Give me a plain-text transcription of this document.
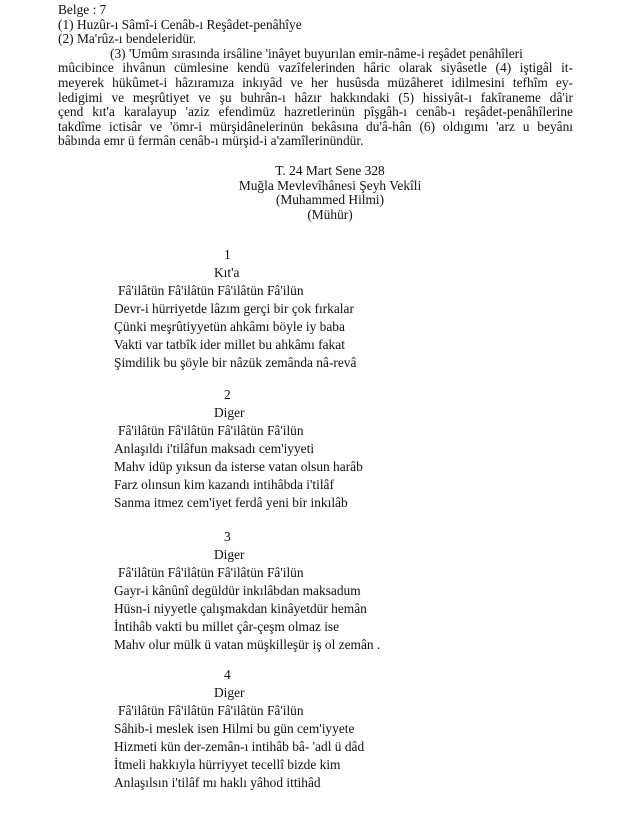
Belge : 7
(1) Huzûr-ı Sâmî-i Cenâb-ı Reşâdet-penâhîye
(2) Ma'rûz-ı bendeleridür.
(3) 'Umûm sırasında irsâline 'inâyet buyurılan emir-nâme-i reşâdet penâhîleri
mûcibince ihvânun cümlesine kendü vazîfelerinden hâric olarak siyâsetle (4) iştigâl it-
meyerek hükûmet-i hâzıramıza inkıyâd ve her husûsda müzâheret idilmesini tefhîm ey-
ledigimi ve meşrûtiyet ve şu buhrân-ı hâzır hakkındaki (5) hissiyât-ı fakîraneme dâ'ir
çend kıt'a karalayup 'aziz efendimüz hazretlerinün pîşgâh-ı cenâb-ı reşâdet-penâhîlerine
takdîme ictisâr ve 'ömr-i mürşidânelerinün bekâsına du'â-hân (6) oldıgımı 'arz u beyânı
bâbında emr ü fermân cenâb-ı mürşid-i a'zamîlerinündür.
T. 24 Mart Sene 328
Muğla Mevlevîhânesi Şeyh Vekîli
(Muhammed Hilmi)
(Mühür)
1
Kıt'a
Fâ'ilâtün Fâ'ilâtün Fâ'ilâtün Fâ'ilün
Devr-i hürriyetde lâzım gerçi bir çok fırkalar
Çünki meşrûtiyyetün ahkâmı böyle iy baba
Vakti var tatbîk ider millet bu ahkâmı fakat
Şimdilik bu şöyle bir nâzük zemânda nâ-revâ
2
Diger
Fâ'ilâtün Fâ'ilâtün Fâ'ilâtün Fâ'ilün
Anlaşıldı i'tilâfun maksadı cem'iyyeti
Mahv idüp yıksun da isterse vatan olsun harâb
Farz olınsun kim kazandı intihâbda i'tilâf
Sanma itmez cem'iyet ferdâ yeni bir inkılâb
3
Diger
Fâ'ilâtün Fâ'ilâtün Fâ'ilâtün Fâ'ilün
Gayr-i kânûnî degüldür inkılâbdan maksadum
Hüsn-i niyyetle çalışmakdan kinâyetdür hemân
İntihâb vakti bu millet çâr-çeşm olmaz ise
Mahv olur mülk ü vatan müşkilleşür iş ol zemân .
4
Diger
Fâ'ilâtün Fâ'ilâtün Fâ'ilâtün Fâ'ilün
Sâhib-i meslek isen Hilmi bu gün cem'iyyete
Hizmeti kün der-zemân-ı intihâb bâ- 'adl ü dâd
İtmeli hakkıyla hürriyyet tecellî bizde kim
Anlaşılsın i'tilâf mı haklı yâhod ittihâd
